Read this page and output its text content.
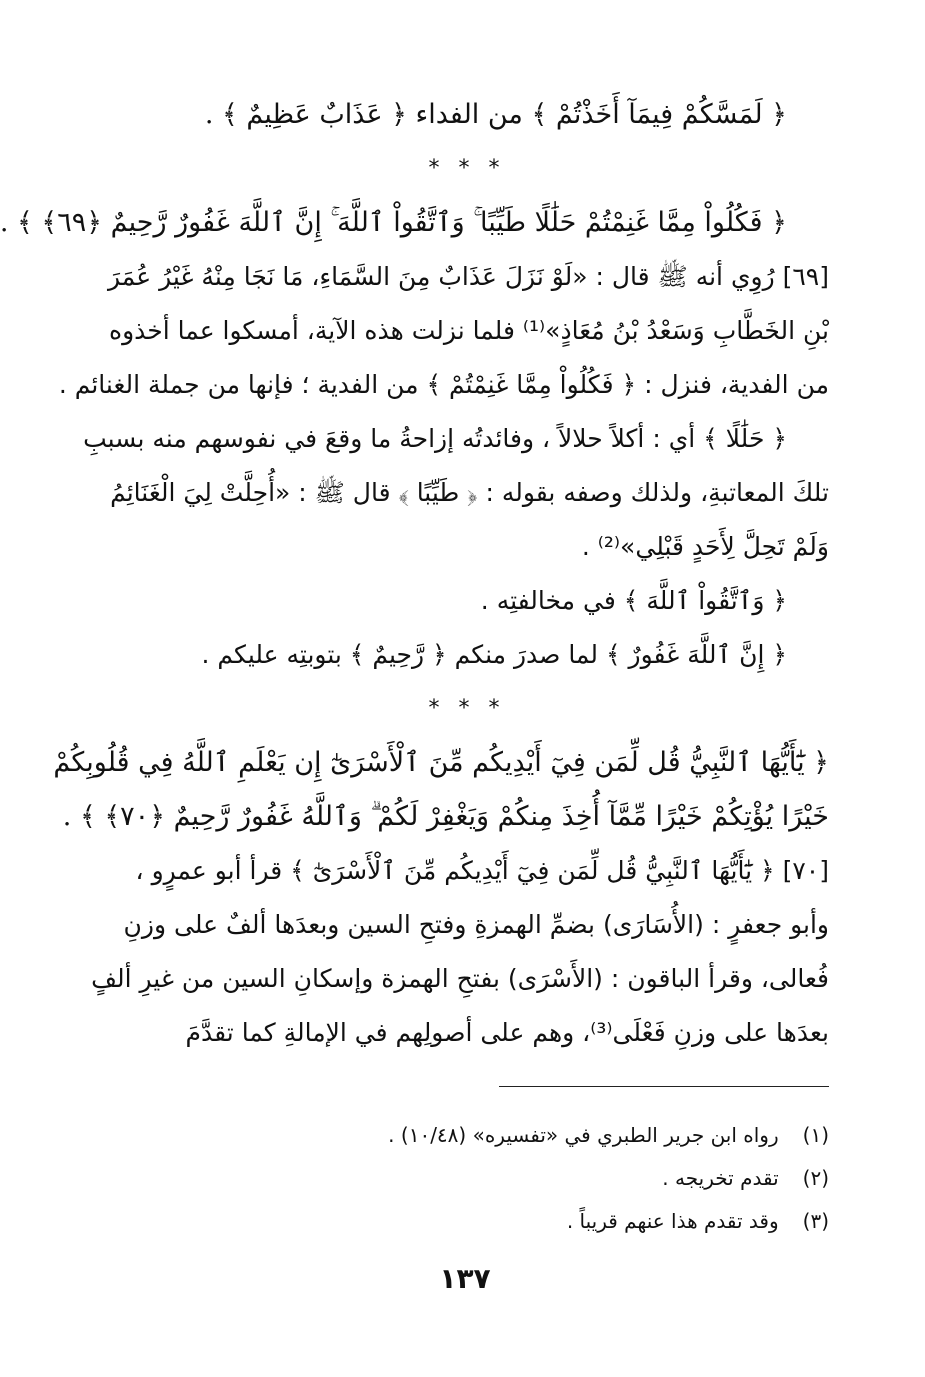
﴿ لَمَسَّكُمْ فِيمَآ أَخَذْتُمْ ﴾ من الفداء ﴿ عَذَابٌ عَظِيمٌ ﴾ .
* * *
﴿ فَكُلُواْ مِمَّا غَنِمْتُمْ حَلَٰلًا طَيِّبًا ۚ وَٱتَّقُواْ ٱللَّهَ ۚ إِنَّ ٱللَّهَ غَفُورٌ رَّحِيمٌ ﴿٦٩﴾ ﴾ .
[٦٩] رُوِي أنه ﷺ قال : «لَوْ نَزَلَ عَذَابٌ مِنَ السَّمَاءِ، مَا نَجَا مِنْهُ غَيْرُ عُمَرَ
بْنِ الخَطَّابِ وَسَعْدُ بْنُ مُعَاذٍ»⁽¹⁾ فلما نزلت هذه الآية، أمسكوا عما أخذوه
من الفدية، فنزل : ﴿ فَكُلُواْ مِمَّا غَنِمْتُمْ ﴾ من الفدية ؛ فإنها من جملة الغنائم .
﴿ حَلَٰلًا ﴾ أي : أكلاً حلالاً ، وفائدتُه إزاحةُ ما وقعَ في نفوسهم منه بسببِ
تلكَ المعاتبةِ، ولذلك وصفه بقوله : ﴿ طَيِّبًا ﴾ قال ﷺ : «أُحِلَّتْ لِيَ الْغَنَائِمُ
وَلَمْ تَحِلَّ لِأَحَدٍ قَبْلِي»⁽²⁾ .
﴿ وَٱتَّقُواْ ٱللَّهَ ﴾ في مخالفتِه .
﴿ إِنَّ ٱللَّهَ غَفُورٌ ﴾ لما صدرَ منكم ﴿ رَّحِيمٌ ﴾ بتوبتِه عليكم .
* * *
﴿ يَٰٓأَيُّهَا ٱلنَّبِيُّ قُل لِّمَن فِيٓ أَيْدِيكُم مِّنَ ٱلْأَسْرَىٰٓ إِن يَعْلَمِ ٱللَّهُ فِي قُلُوبِكُمْ
خَيْرًا يُؤْتِكُمْ خَيْرًا مِّمَّآ أُخِذَ مِنكُمْ وَيَغْفِرْ لَكُمْ ۗ وَٱللَّهُ غَفُورٌ رَّحِيمٌ ﴿٧٠﴾ ﴾ .
[٧٠] ﴿ يَٰٓأَيُّهَا ٱلنَّبِيُّ قُل لِّمَن فِيٓ أَيْدِيكُم مِّنَ ٱلْأَسْرَىٰٓ ﴾ قرأ أبو عمرٍو ،
وأبو جعفرٍ : (الأُسَارَى) بضمِّ الهمزةِ وفتحِ السين وبعدَها ألفٌ على وزنِ
فُعالى، وقرأ الباقون : (الأَسْرَى) بفتحِ الهمزة وإسكانِ السين من غيرِ ألفٍ
بعدَها على وزنِ فَعْلَى⁽³⁾، وهم على أصولِهم في الإمالةِ كما تقدَّمَ
(١) رواه ابن جرير الطبري في «تفسيره» (١٠/٤٨) .
(٢) تقدم تخريجه .
(٣) وقد تقدم هذا عنهم قريباً .
١٣٧
